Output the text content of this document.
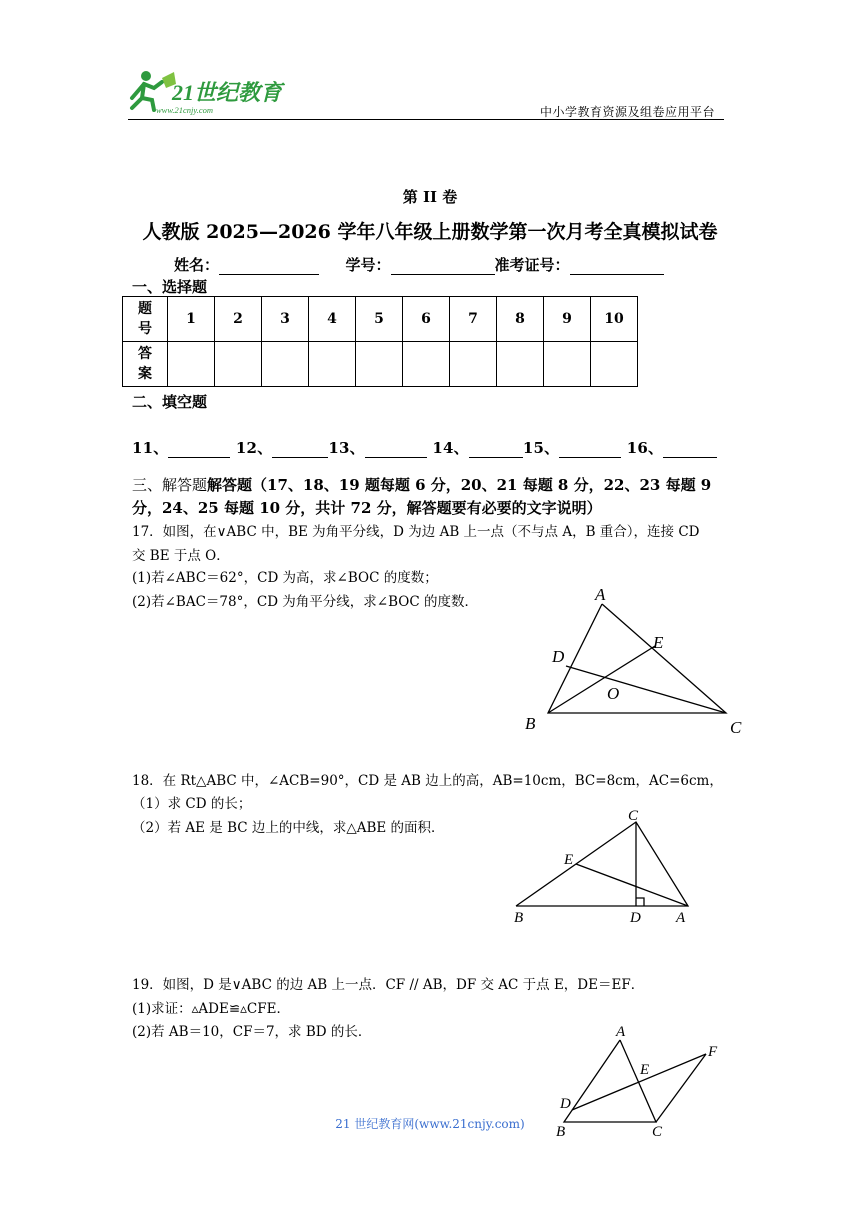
21世纪教育
www.21cnjy.com	中小学教育资源及组卷应用平台
第 II 卷
人教版 2025—2026 学年八年级上册数学第一次月考全真模拟试卷
姓名：	学号：	准考证号：
一、选择题
题
号	1	2	3	4	5	6	7	8	9	10
答
案										
二、填空题
11、	12、	13、	14、	15、	16、
三、解答题解答题（17、18、19 题每题 6 分，20、21 每题 8 分，22、23 每题 9 分，24、25 每题 10 分，共计 72 分，解答题要有必要的文字说明）
17．如图，在∨ABC 中，BE 为角平分线，D 为边 AB 上一点（不与点 A，B 重合），连接 CD
交 BE 于点 O．
(1)若∠ABC＝62°，CD 为高，求∠BOC 的度数；
(2)若∠BAC＝78°，CD 为角平分线，求∠BOC 的度数．	A
B	C
D
E
O
18．在 Rt△ABC 中，∠ACB=90°，CD 是 AB 边上的高，AB=10cm，BC=8cm，AC=6cm，
（1）求 CD 的长；
（2）若 AE 是 BC 边上的中线，求△ABE 的面积．
B
C
D A
E
19．如图，D 是∨ABC 的边 AB 上一点．CF // AB，DF 交 AC 于点 E，DE＝EF．
(1)求证：▵ADE≌▵CFE．
(2)若 AB＝10，CF＝7，求 BD 的长．	A
B	C
D
E
F
21 世纪教育网(www.21cnjy.com)
